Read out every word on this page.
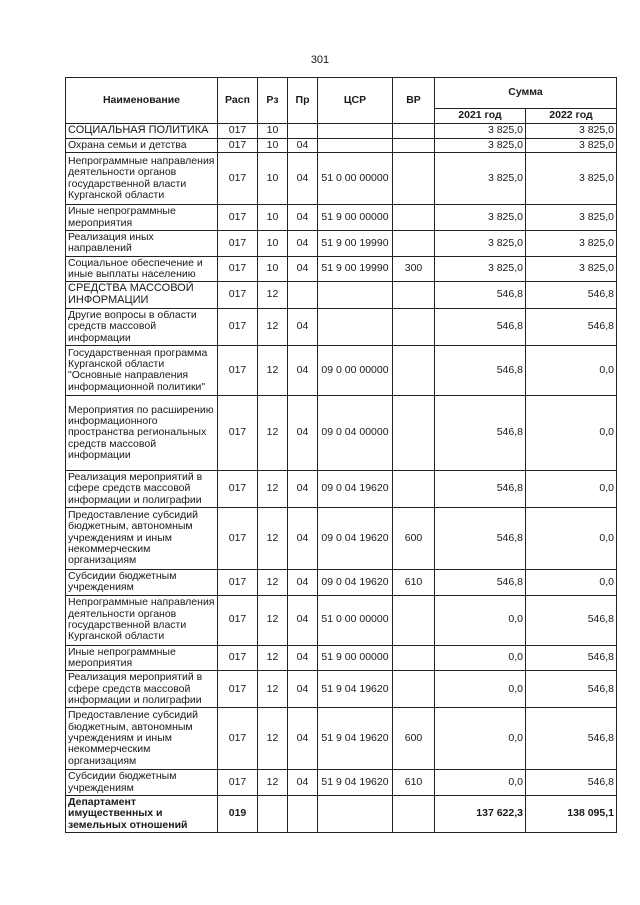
301
Наименование	Расп	Рз	Пр	ЦСР	ВР	Сумма	
						2021 год	2022 год
СОЦИАЛЬНАЯ ПОЛИТИКА	017	10				3 825,0	3 825,0
Охрана семьи и детства	017	10	04			3 825,0	3 825,0
Непрограммные направления деятельности органов государственной власти Курганской области	017	10	04	51 0 00 00000		3 825,0	3 825,0
Иные непрограммные мероприятия	017	10	04	51 9 00 00000		3 825,0	3 825,0
Реализация иных направлений	017	10	04	51 9 00 19990		3 825,0	3 825,0
Социальное обеспечение и иные выплаты населению	017	10	04	51 9 00 19990	300	3 825,0	3 825,0
СРЕДСТВА МАССОВОЙ ИНФОРМАЦИИ	017	12				546,8	546,8
Другие вопросы в области средств массовой информации	017	12	04			546,8	546,8
Государственная программа Курганской области "Основные направления информационной политики"	017	12	04	09 0 00 00000		546,8	0,0
Мероприятия по расширению информационного пространства региональных средств массовой информации	017	12	04	09 0 04 00000		546,8	0,0
Реализация мероприятий в сфере средств массовой информации и полиграфии	017	12	04	09 0 04 19620		546,8	0,0
Предоставление субсидий бюджетным, автономным учреждениям и иным некоммерческим организациям	017	12	04	09 0 04 19620	600	546,8	0,0
Субсидии бюджетным учреждениям	017	12	04	09 0 04 19620	610	546,8	0,0
Непрограммные направления деятельности органов государственной власти Курганской области	017	12	04	51 0 00 00000		0,0	546,8
Иные непрограммные мероприятия	017	12	04	51 9 00 00000		0,0	546,8
Реализация мероприятий в сфере средств массовой информации и полиграфии	017	12	04	51 9 04 19620		0,0	546,8
Предоставление субсидий бюджетным, автономным учреждениям и иным некоммерческим организациям	017	12	04	51 9 04 19620	600	0,0	546,8
Субсидии бюджетным учреждениям	017	12	04	51 9 04 19620	610	0,0	546,8
Департамент имущественных и земельных отношений	019					137 622,3	138 095,1
